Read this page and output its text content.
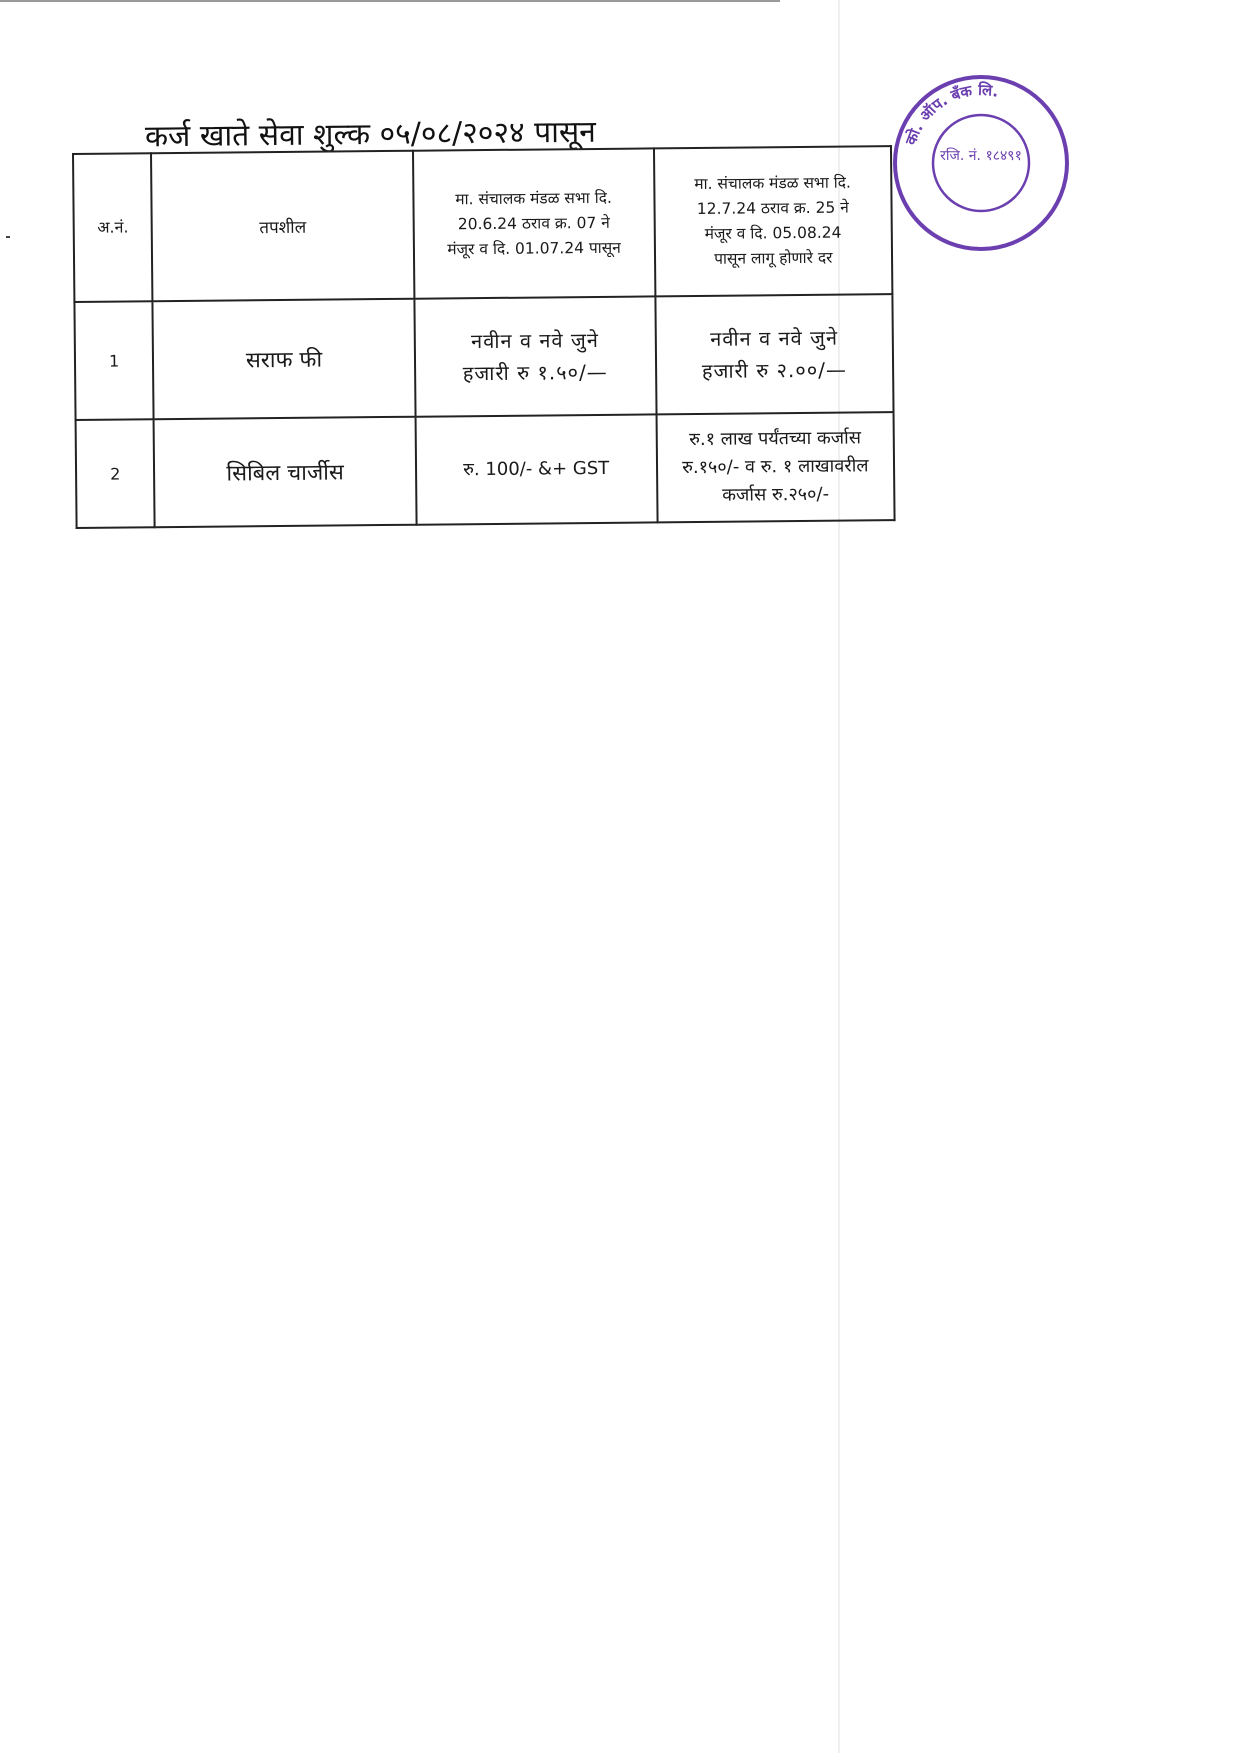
कर्ज खाते सेवा शुल्क ०५/०८/२०२४ पासून
अ.नं.	तपशील	मा. संचालक मंडळ सभा दि.
20.6.24 ठराव क्र. 07 ने
मंजूर व दि. 01.07.24 पासून	मा. संचालक मंडळ सभा दि.
12.7.24 ठराव क्र. 25 ने
मंजूर व दि. 05.08.24
पासून लागू होणारे दर

1	सराफ फी	नवीन व नवे जुने
हजारी रु १.५०/—	नवीन व नवे जुने
हजारी रु २.००/—

2	सिबिल चार्जीस	रु. 100/- &+ GST	रु.१ लाख पर्यंतच्या कर्जास
रु.१५०/- व रु. १ लाखावरील
कर्जास रु.२५०/-
को. ऑप. बँक लि.
रजि. नं. १८४९१
